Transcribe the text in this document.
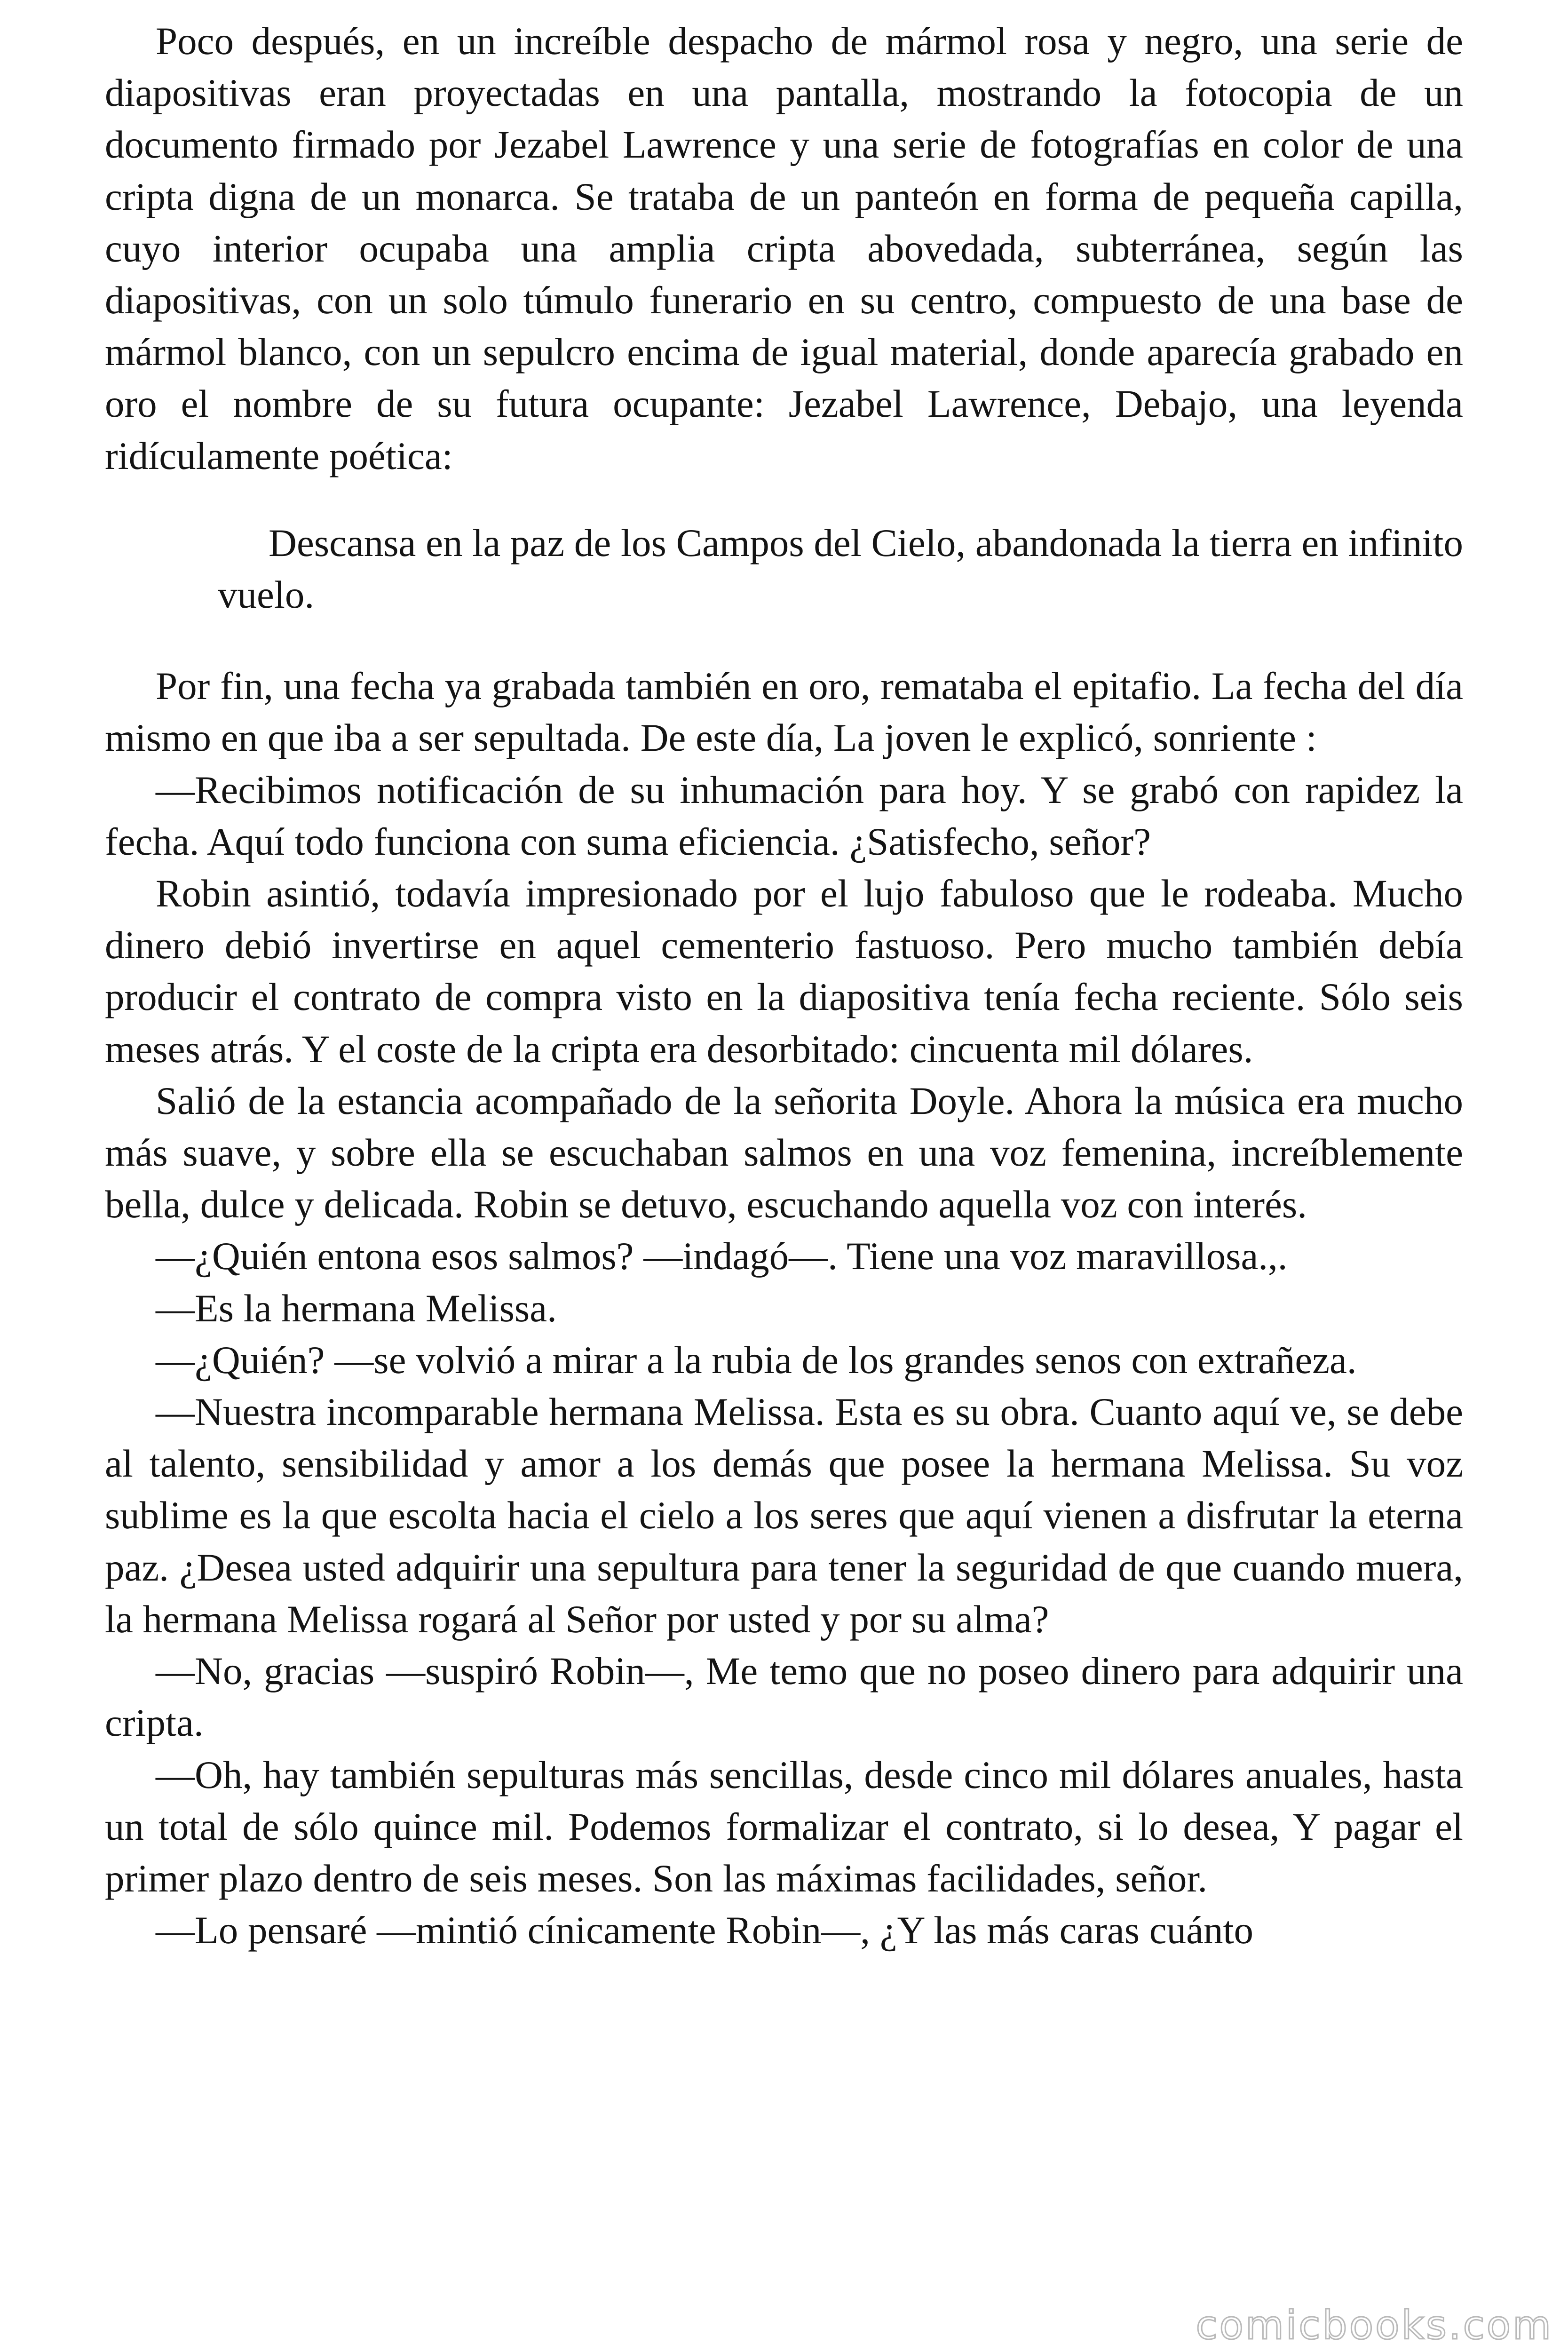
Poco después, en un increíble despacho de mármol rosa y negro, una serie de diapositivas eran proyectadas en una pantalla, mostrando la fotocopia de un documento firmado por Jezabel Lawrence y una serie de fotografías en color de una cripta digna de un monarca. Se trataba de un panteón en forma de pequeña capilla, cuyo interior ocupaba una amplia cripta abovedada, subterránea, según las diapositivas, con un solo túmulo funerario en su centro, compuesto de una base de mármol blanco, con un sepulcro encima de igual material, donde aparecía grabado en oro el nombre de su futura ocupante: Jezabel Lawrence, Debajo, una leyenda ridículamente poética:

Descansa en la paz de los Campos del Cielo, abandonada la tierra en infinito vuelo.

Por fin, una fecha ya grabada también en oro, remataba el epitafio. La fecha del día mismo en que iba a ser sepultada. De este día, La joven le explicó, sonriente :

—Recibimos notificación de su inhumación para hoy. Y se grabó con rapidez la fecha. Aquí todo funciona con suma eficiencia. ¿Satisfecho, señor?

Robin asintió, todavía impresionado por el lujo fabuloso que le rodeaba. Mucho dinero debió invertirse en aquel cementerio fastuoso. Pero mucho también debía producir el contrato de compra visto en la diapositiva tenía fecha reciente. Sólo seis meses atrás. Y el coste de la cripta era desorbitado: cincuenta mil dólares.

Salió de la estancia acompañado de la señorita Doyle. Ahora la música era mucho más suave, y sobre ella se escuchaban salmos en una voz femenina, increíblemente bella, dulce y delicada. Robin se detuvo, escuchando aquella voz con interés.

—¿Quién entona esos salmos? —indagó—. Tiene una voz maravillosa.,.

—Es la hermana Melissa.

—¿Quién? —se volvió a mirar a la rubia de los grandes senos con extrañeza.

—Nuestra incomparable hermana Melissa. Esta es su obra. Cuanto aquí ve, se debe al talento, sensibilidad y amor a los demás que posee la hermana Melissa. Su voz sublime es la que escolta hacia el cielo a los seres que aquí vienen a disfrutar la eterna paz. ¿Desea usted adquirir una sepultura para tener la seguridad de que cuando muera, la hermana Melissa rogará al Señor por usted y por su alma?

—No, gracias —suspiró Robin—, Me temo que no poseo dinero para adquirir una cripta.

—Oh, hay también sepulturas más sencillas, desde cinco mil dólares anuales, hasta un total de sólo quince mil. Podemos formalizar el contrato, si lo desea, Y pagar el primer plazo dentro de seis meses. Son las máximas facilidades, señor.

—Lo pensaré —mintió cínicamente Robin—, ¿Y las más caras cuánto

comicbooks.com
